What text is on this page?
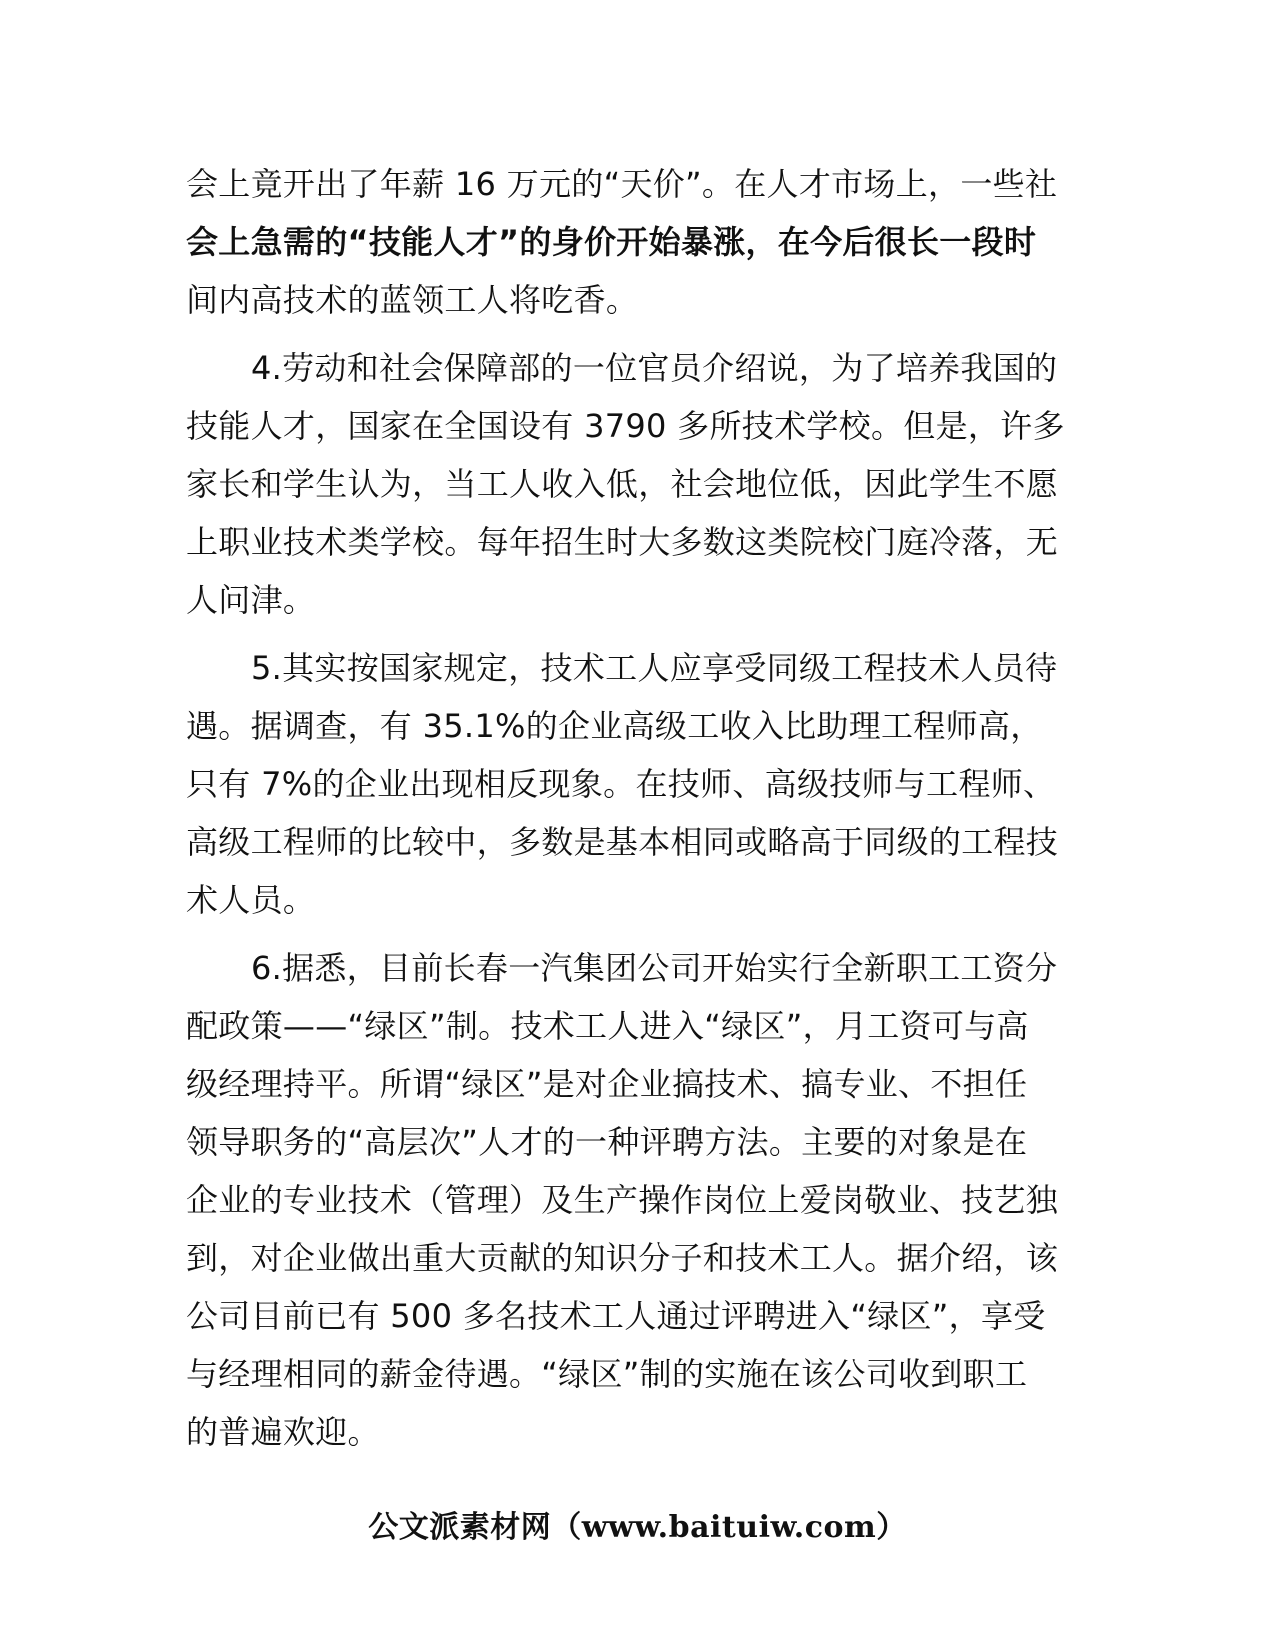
会上竟开出了年薪 16 万元的“天价”。在人才市场上，一些社
会上急需的“技能人才”的身价开始暴涨，在今后很长一段时
间内高技术的蓝领工人将吃香。

4.劳动和社会保障部的一位官员介绍说，为了培养我国的
技能人才，国家在全国设有 3790 多所技术学校。但是，许多
家长和学生认为，当工人收入低，社会地位低，因此学生不愿
上职业技术类学校。每年招生时大多数这类院校门庭冷落，无
人问津。

5.其实按国家规定，技术工人应享受同级工程技术人员待
遇。据调查，有 35.1%的企业高级工收入比助理工程师高，
只有 7%的企业出现相反现象。在技师、高级技师与工程师、
高级工程师的比较中，多数是基本相同或略高于同级的工程技
术人员。

6.据悉，目前长春一汽集团公司开始实行全新职工工资分
配政策——“绿区”制。技术工人进入“绿区”，月工资可与高
级经理持平。所谓“绿区”是对企业搞技术、搞专业、不担任
领导职务的“高层次”人才的一种评聘方法。主要的对象是在
企业的专业技术（管理）及生产操作岗位上爱岗敬业、技艺独
到，对企业做出重大贡献的知识分子和技术工人。据介绍，该
公司目前已有 500 多名技术工人通过评聘进入“绿区”，享受
与经理相同的薪金待遇。“绿区”制的实施在该公司收到职工
的普遍欢迎。

公文派素材网（www.baituiw.com）
